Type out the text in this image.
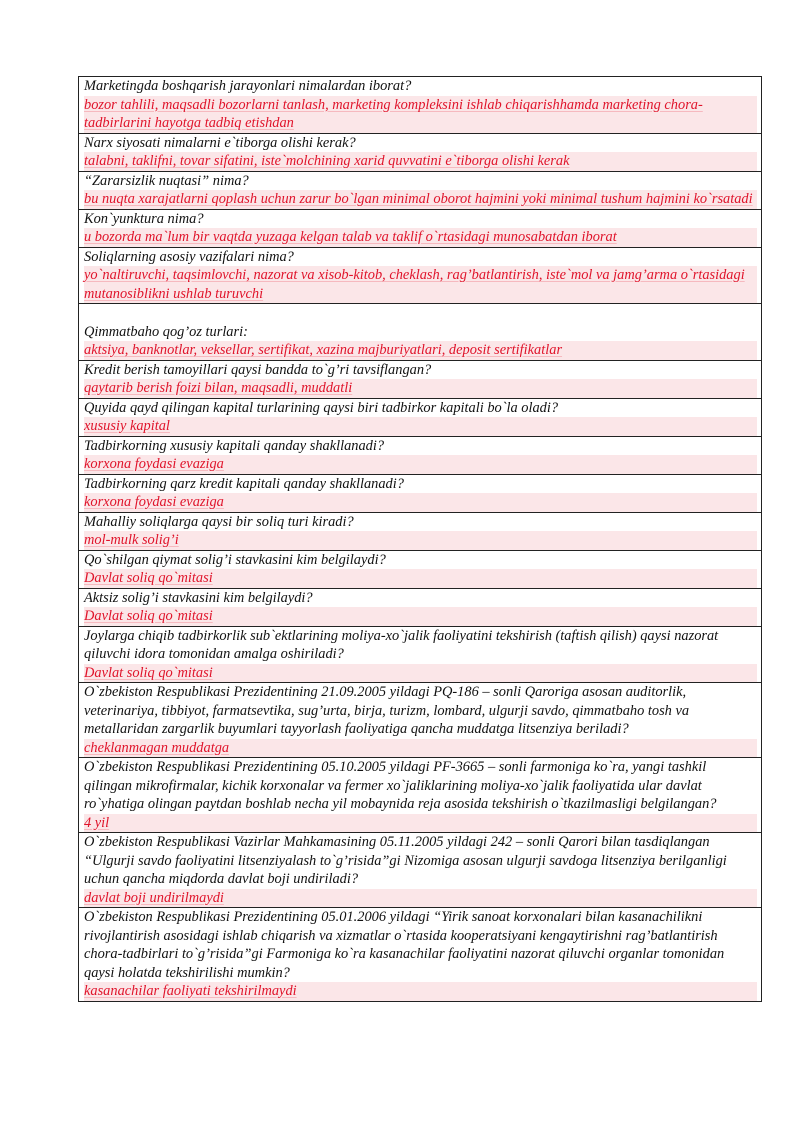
Marketingda boshqarish jarayonlari nimalardan iborat?
bozor tahlili, maqsadli bozorlarni tanlash, marketing kompleksini ishlab chiqarishhamda marketing chora-tadbirlarini hayotga tadbiq etishdan
Narx siyosati nimalarni e`tiborga olishi kerak?
talabni, taklifni, tovar sifatini, iste`molchining xarid quvvatini e`tiborga olishi kerak
“Zararsizlik nuqtasi” nima?
bu nuqta xarajatlarni qoplash uchun zarur bo`lgan minimal oborot hajmini yoki minimal tushum hajmini ko`rsatadi
Kon`yunktura nima?
u bozorda ma`lum bir vaqtda yuzaga kelgan talab va taklif o`rtasidagi munosabatdan iborat
Soliqlarning asosiy vazifalari nima?
yo`naltiruvchi, taqsimlovchi, nazorat va xisob-kitob, cheklash, rag’batlantirish, iste`mol va jamg’arma o`rtasidagi mutanosiblikni ushlab turuvchi
Qimmatbaho qog’oz turlari:
aktsiya, banknotlar, veksellar, sertifikat, xazina majburiyatlari, deposit sertifikatlar
Kredit berish tamoyillari qaysi bandda to`g’ri tavsiflangan?
qaytarib berish foizi bilan, maqsadli, muddatli
Quyida qayd qilingan kapital turlarining qaysi biri tadbirkor kapitali bo`la oladi?
xususiy kapital
Tadbirkorning xususiy kapitali qanday shakllanadi?
korxona foydasi evaziga
Tadbirkorning qarz kredit kapitali qanday shakllanadi?
korxona foydasi evaziga
Mahalliy soliqlarga qaysi bir soliq turi kiradi?
mol-mulk solig’i
Qo`shilgan qiymat solig’i stavkasini kim belgilaydi?
Davlat soliq qo`mitasi
Aktsiz solig’i stavkasini kim belgilaydi?
Davlat soliq qo`mitasi
Joylarga chiqib tadbirkorlik sub`ektlarining moliya-xo`jalik faoliyatini tekshirish (taftish qilish) qaysi nazorat qiluvchi idora tomonidan amalga oshiriladi?
Davlat soliq qo`mitasi
O`zbekiston Respublikasi Prezidentining 21.09.2005 yildagi PQ-186 – sonli Qaroriga asosan auditorlik, veterinariya, tibbiyot, farmatsevtika, sug’urta, birja, turizm, lombard, ulgurji savdo, qimmatbaho tosh va metallaridan zargarlik buyumlari tayyorlash faoliyatiga qancha muddatga litsenziya beriladi?
cheklanmagan muddatga
O`zbekiston Respublikasi Prezidentining 05.10.2005 yildagi PF-3665 – sonli farmoniga ko`ra, yangi tashkil qilingan mikrofirmalar, kichik korxonalar va fermer xo`jaliklarining moliya-xo`jalik faoliyatida ular davlat ro`yhatiga olingan paytdan boshlab necha yil mobaynida reja asosida tekshirish o`tkazilmasligi belgilangan?
4 yil
O`zbekiston Respublikasi Vazirlar Mahkamasining 05.11.2005 yildagi 242 – sonli Qarori bilan tasdiqlangan “Ulgurji savdo faoliyatini litsenziyalash to`g’risida”gi Nizomiga asosan ulgurji savdoga litsenziya berilganligi uchun qancha miqdorda davlat boji undiriladi?
davlat boji undirilmaydi
O`zbekiston Respublikasi Prezidentining 05.01.2006 yildagi “Yirik sanoat korxonalari bilan kasanachilikni rivojlantirish asosidagi ishlab chiqarish va xizmatlar o`rtasida kooperatsiyani kengaytirishni rag’batlantirish chora-tadbirlari to`g’risida”gi Farmoniga ko`ra kasanachilar faoliyatini nazorat qiluvchi organlar tomonidan qaysi holatda tekshirilishi mumkin?
kasanachilar faoliyati tekshirilmaydi
